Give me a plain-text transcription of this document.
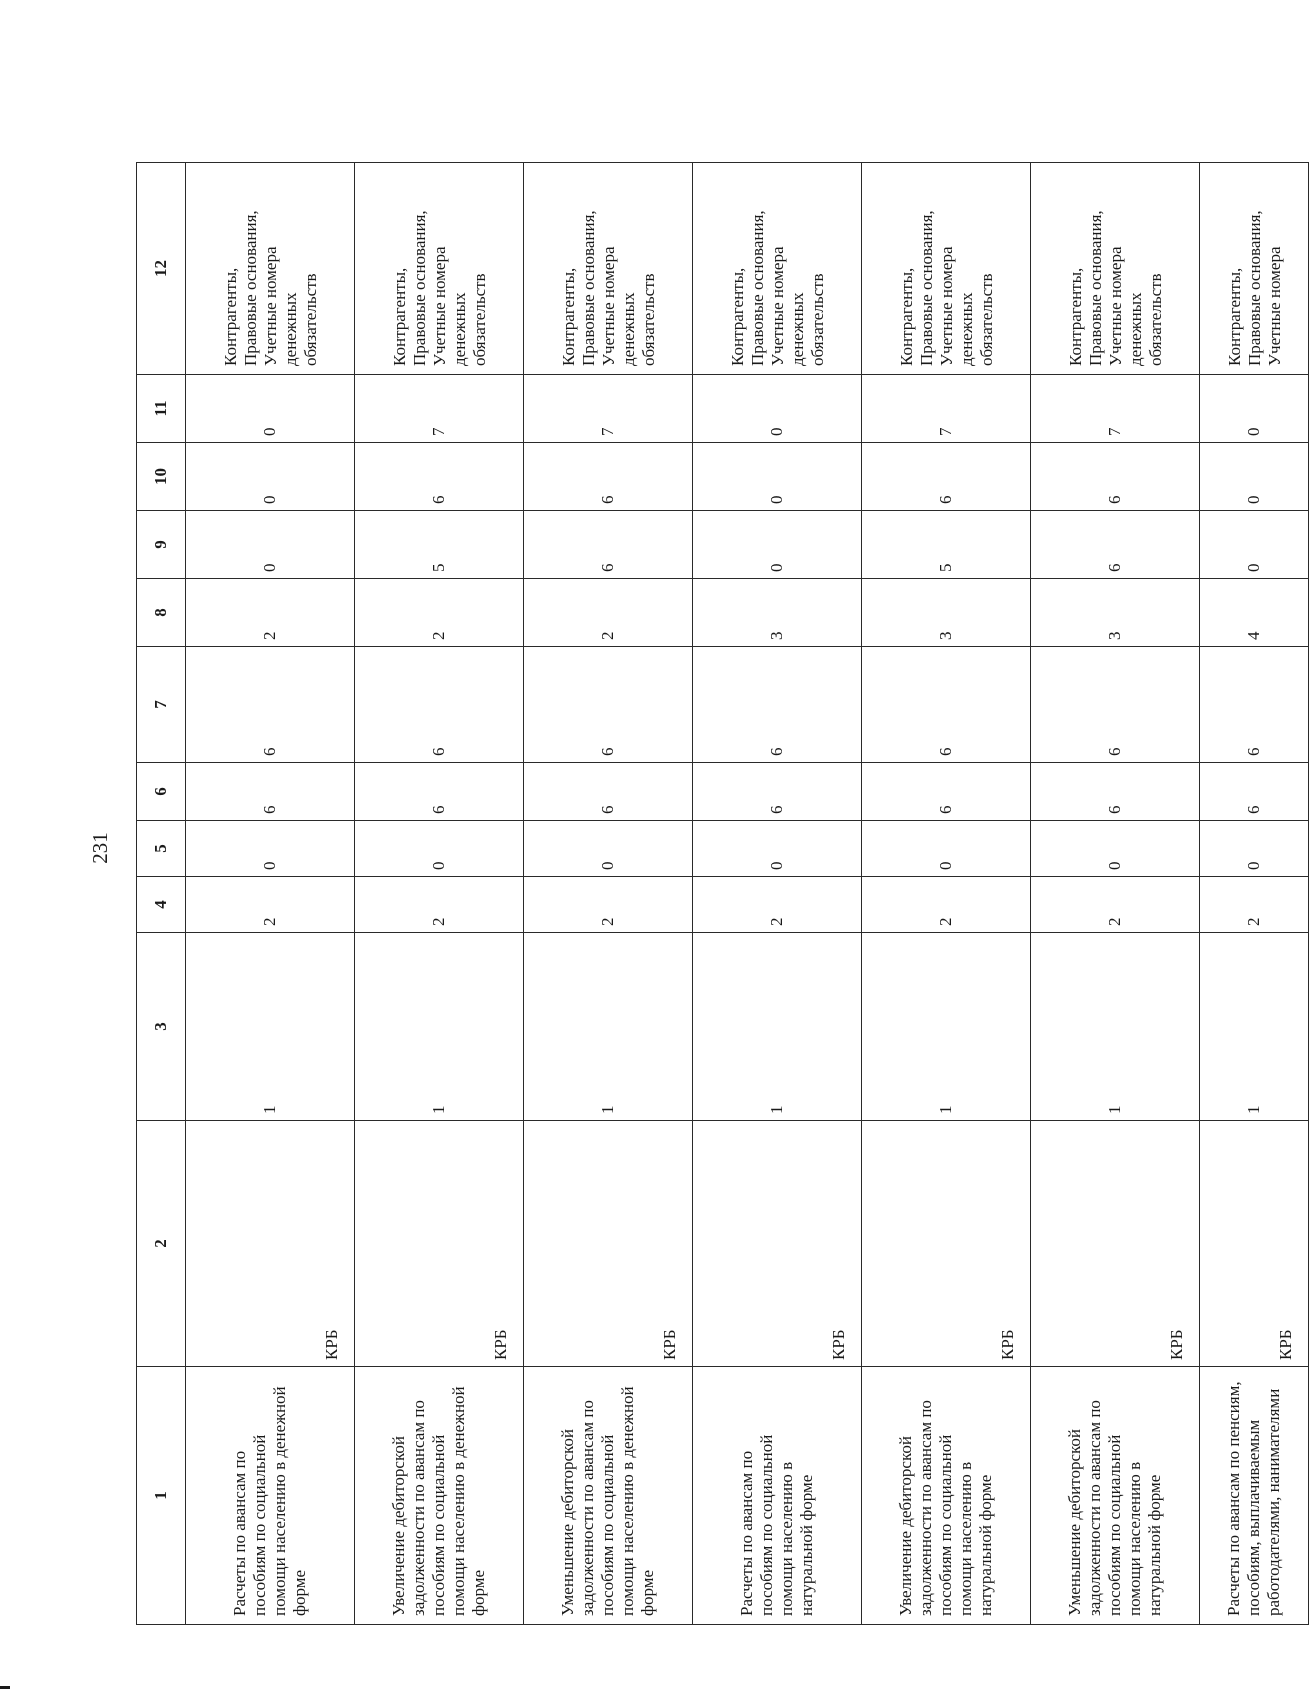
231
1	2	3	4	5	6	7	8	9	10	11	12

Расчеты по авансам по пособиям по социальной помощи населению в денежной форме	КРБ	1	2	0	6	6	2	0	0	0	Контрагенты, Правовые основания, Учетные номера денежных обязательств

Увеличение дебиторской задолженности по авансам по пособиям по социальной помощи населению в денежной форме	КРБ	1	2	0	6	6	2	5	6	7	Контрагенты, Правовые основания, Учетные номера денежных обязательств

Уменьшение дебиторской задолженности по авансам по пособиям по социальной помощи населению в денежной форме	КРБ	1	2	0	6	6	2	6	6	7	Контрагенты, Правовые основания, Учетные номера денежных обязательств

Расчеты по авансам по пособиям по социальной помощи населению в натуральной форме	КРБ	1	2	0	6	6	3	0	0	0	Контрагенты, Правовые основания, Учетные номера денежных обязательств

Увеличение дебиторской задолженности по авансам по пособиям по социальной помощи населению в натуральной форме	КРБ	1	2	0	6	6	3	5	6	7	Контрагенты, Правовые основания, Учетные номера денежных обязательств

Уменьшение дебиторской задолженности по авансам по пособиям по социальной помощи населению в натуральной форме	КРБ	1	2	0	6	6	3	6	6	7	Контрагенты, Правовые основания, Учетные номера денежных обязательств

Расчеты по авансам по пенсиям, пособиям, выплачиваемым работодателями, нанимателями	КРБ	1	2	0	6	6	4	0	0	0	Контрагенты, Правовые основания, Учетные номера
